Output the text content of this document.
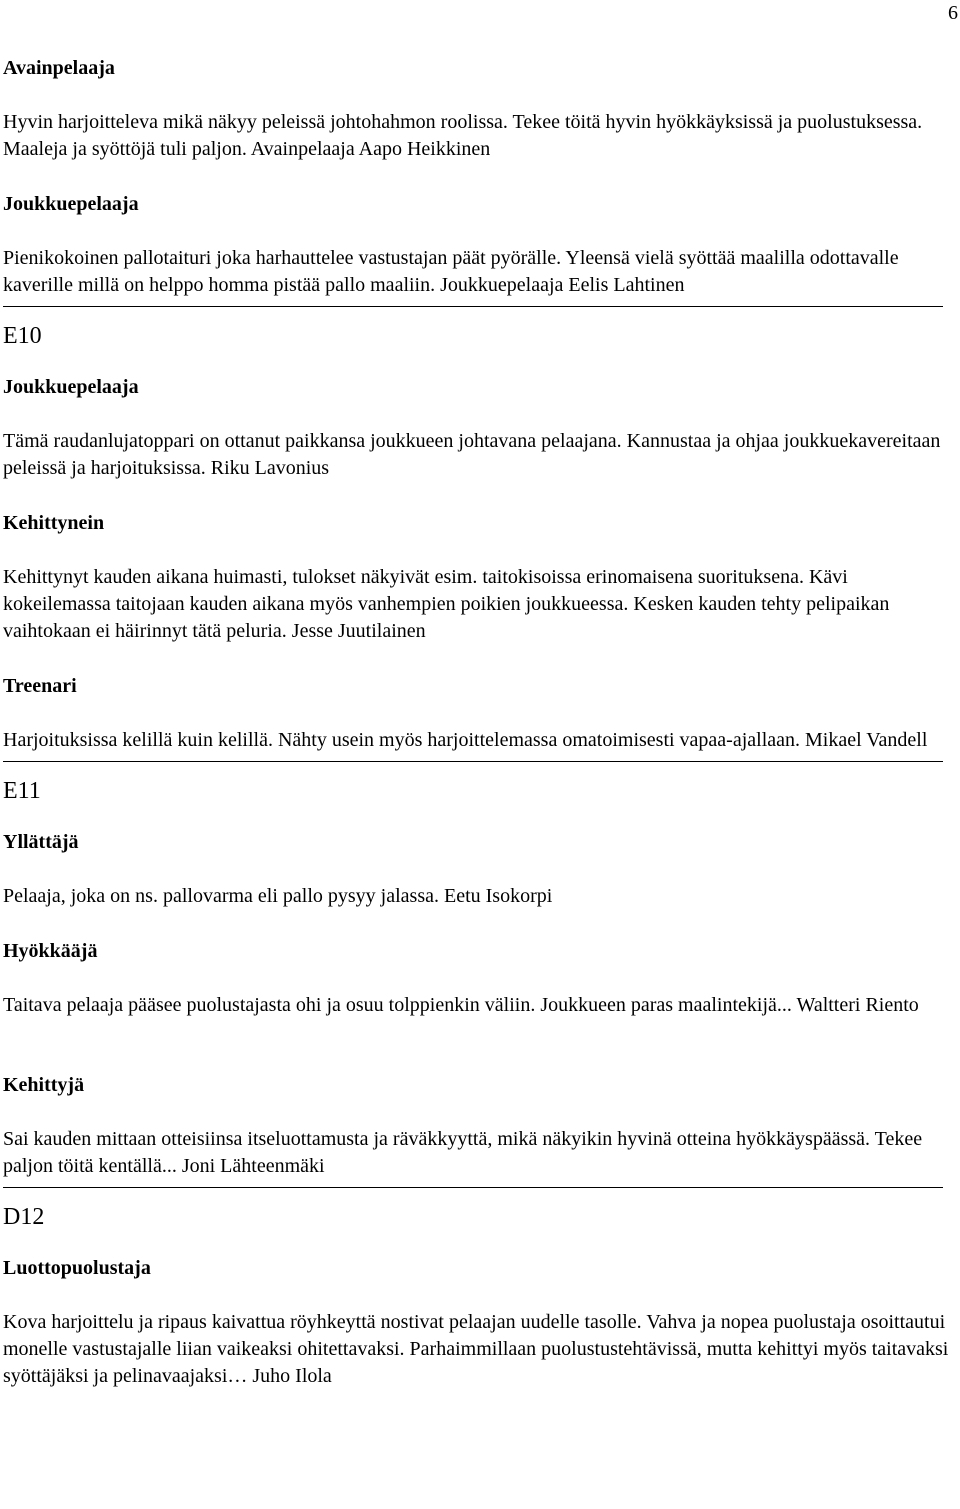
6
Avainpelaaja
Hyvin harjoitteleva mikä näkyy peleissä johtohahmon roolissa. Tekee töitä hyvin hyökkäyksissä ja puolustuksessa. Maaleja ja syöttöjä tuli paljon. Avainpelaaja Aapo Heikkinen
Joukkuepelaaja
Pienikokoinen pallotaituri joka harhauttelee vastustajan päät pyörälle. Yleensä vielä syöttää maalilla odottavalle kaverille millä on helppo homma pistää pallo maaliin. Joukkuepelaaja Eelis Lahtinen
E10
Joukkuepelaaja
Tämä raudanlujatoppari on ottanut paikkansa joukkueen johtavana pelaajana. Kannustaa ja ohjaa joukkuekavereitaan peleissä ja harjoituksissa. Riku Lavonius
Kehittynein
Kehittynyt kauden aikana huimasti, tulokset näkyivät esim. taitokisoissa erinomaisena suorituksena. Kävi kokeilemassa taitojaan kauden aikana myös vanhempien poikien joukkueessa. Kesken kauden tehty pelipaikan vaihtokaan ei häirinnyt tätä peluria. Jesse Juutilainen
Treenari
Harjoituksissa kelillä kuin kelillä. Nähty usein myös harjoittelemassa omatoimisesti vapaa-ajallaan. Mikael Vandell
E11
Yllättäjä
Pelaaja, joka on ns. pallovarma eli pallo pysyy jalassa. Eetu Isokorpi
Hyökkääjä
Taitava pelaaja pääsee puolustajasta ohi ja osuu tolppienkin väliin. Joukkueen paras maalintekijä... Waltteri Riento
Kehittyjä
Sai kauden mittaan otteisiinsa itseluottamusta ja räväkkyyttä, mikä näkyikin hyvinä otteina hyökkäyspäässä. Tekee paljon töitä kentällä... Joni Lähteenmäki
D12
Luottopuolustaja
Kova harjoittelu ja ripaus kaivattua röyhkeyttä nostivat pelaajan uudelle tasolle. Vahva ja nopea puolustaja osoittautui monelle vastustajalle liian vaikeaksi ohitettavaksi. Parhaimmillaan puolustustehtävissä, mutta kehittyi myös taitavaksi syöttäjäksi ja pelinavaajaksi… Juho Ilola
